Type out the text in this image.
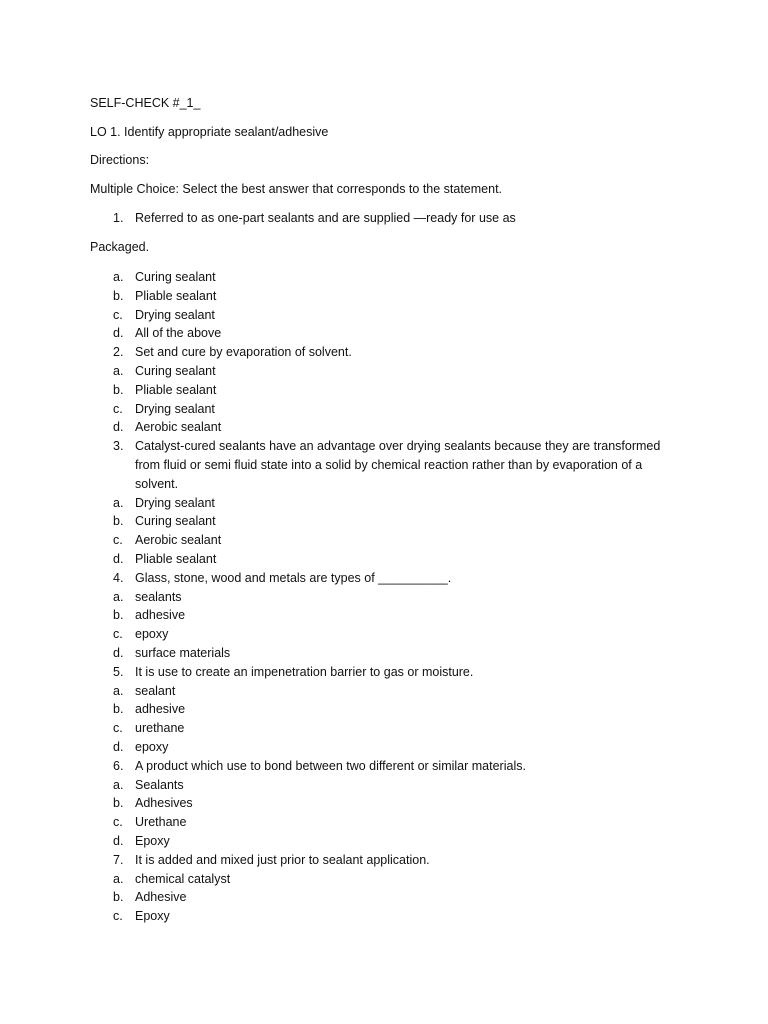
SELF-CHECK #_1_
LO 1. Identify appropriate sealant/adhesive
Directions:
Multiple Choice: Select the best answer that corresponds to the statement.
1. Referred to as one-part sealants and are supplied —ready for use as
Packaged.
a. Curing sealant
b. Pliable sealant
c. Drying sealant
d. All of the above
2. Set and cure by evaporation of solvent.
a. Curing sealant
b. Pliable sealant
c. Drying sealant
d. Aerobic sealant
3. Catalyst-cured sealants have an advantage over drying sealants because they are transformed
from fluid or semi fluid state into a solid by chemical reaction rather than by evaporation of a
solvent.
a. Drying sealant
b. Curing sealant
c. Aerobic sealant
d. Pliable sealant
4. Glass, stone, wood and metals are types of __________.
a. sealants
b. adhesive
c. epoxy
d. surface materials
5. It is use to create an impenetration barrier to gas or moisture.
a. sealant
b. adhesive
c. urethane
d. epoxy
6. A product which use to bond between two different or similar materials.
a. Sealants
b. Adhesives
c. Urethane
d. Epoxy
7. It is added and mixed just prior to sealant application.
a. chemical catalyst
b. Adhesive
c. Epoxy
